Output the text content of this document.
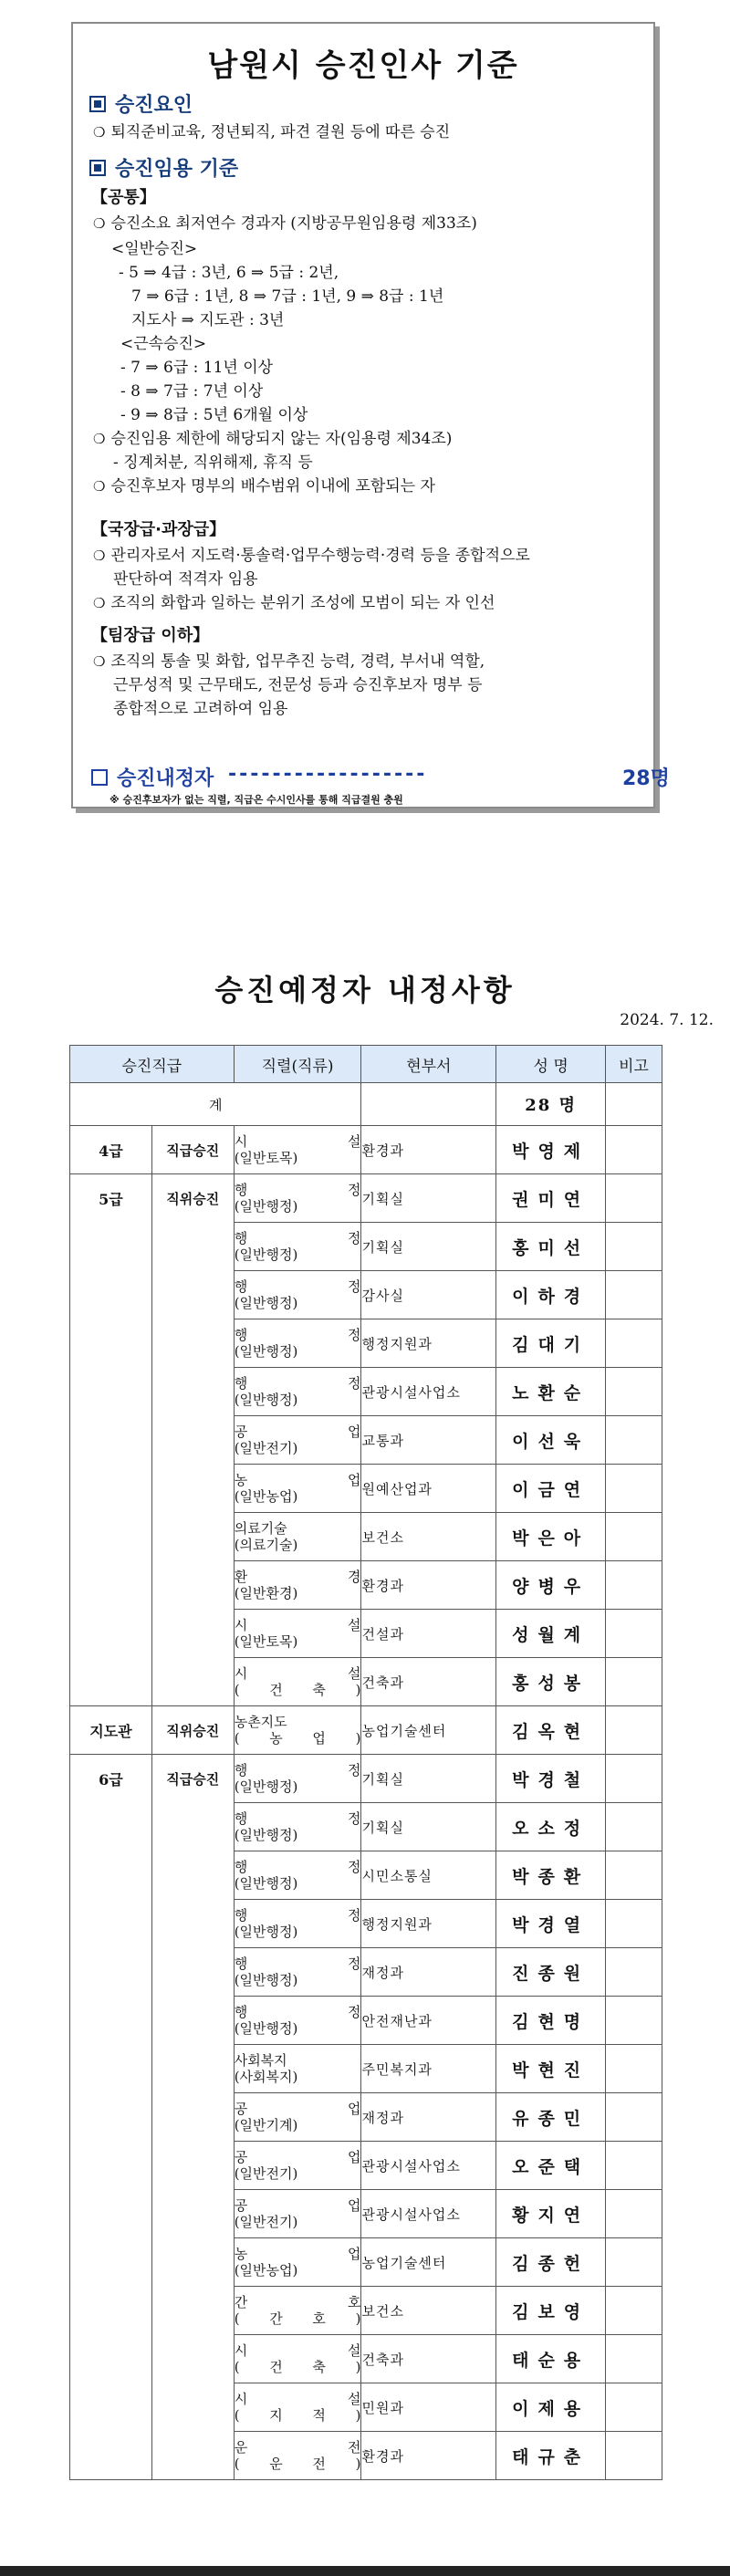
남원시 승진인사 기준
승진요인
❍ 퇴직준비교육, 정년퇴직, 파견 결원 등에 따른 승진
승진임용 기준
【공통】
❍ 승진소요 최저연수 경과자 (지방공무원임용령 제33조)
<일반승진>
- 5 ⇒ 4급 : 3년, 6 ⇒ 5급 : 2년,
7 ⇒ 6급 : 1년, 8 ⇒ 7급 : 1년, 9 ⇒ 8급 : 1년
지도사 ⇒ 지도관 : 3년
<근속승진>
- 7 ⇒ 6급 : 11년 이상
- 8 ⇒ 7급 : 7년 이상
- 9 ⇒ 8급 : 5년 6개월 이상
❍ 승진임용 제한에 해당되지 않는 자(임용령 제34조)
- 징계처분, 직위해제, 휴직 등
❍ 승진후보자 명부의 배수범위 이내에 포함되는 자
【국장급·과장급】
❍ 관리자로서 지도력·통솔력·업무수행능력·경력 등을 종합적으로
판단하여 적격자 임용
❍ 조직의 화합과 일하는 분위기 조성에 모범이 되는 자 인선
【팀장급 이하】
❍ 조직의 통솔 및 화합, 업무추진 능력, 경력, 부서내 역할,
근무성적 및 근무태도, 전문성 등과 승진후보자 명부 등
종합적으로 고려하여 임용
승진내정자 ------------------	28명
※ 승진후보자가 없는 직렬, 직급은 수시인사를 통해 직급결원 충원
승진예정자 내정사항
2024. 7. 12.
승진직급		직렬(직류)	현부서	성 명	비고
계				28 명	
4급	직급승진	시 설
(일반토목)	환경과	박영제	
5급	직위승진	행 정
(일반행정)	기획실	권미연	

		행 정
(일반행정)	기획실	홍미선	

		행 정
(일반행정)	감사실	이하경	

		행 정
(일반행정)	행정지원과	김대기	

		행 정
(일반행정)	관광시설사업소	노환순	

		공 업
(일반전기)	교통과	이선욱	

		농 업
(일반농업)	원예산업과	이금연	

		의료기술
(의료기술)	보건소	박은아	

		환 경
(일반환경)	환경과	양병우	

		시 설
(일반토목)	건설과	성월계	

		시 설
( 건 축 )	건축과	홍성봉	
지도관	직위승진	농촌지도
( 농 업 )	농업기술센터	김옥현	
6급	직급승진	행 정
(일반행정)	기획실	박경철	

		행 정
(일반행정)	기획실	오소정	

		행 정
(일반행정)	시민소통실	박종환	

		행 정
(일반행정)	행정지원과	박경열	

		행 정
(일반행정)	재정과	진종원	

		행 정
(일반행정)	안전재난과	김현명	

		사회복지
(사회복지)	주민복지과	박현진	

		공 업
(일반기계)	재정과	유종민	

		공 업
(일반전기)	관광시설사업소	오준택	

		공 업
(일반전기)	관광시설사업소	황지연	

		농 업
(일반농업)	농업기술센터	김종헌	

		간 호
( 간 호 )	보건소	김보영	

		시 설
( 건 축 )	건축과	태순용	

		시 설
( 지 적 )	민원과	이제용	

		운 전
( 운 전 )	환경과	태규춘	
